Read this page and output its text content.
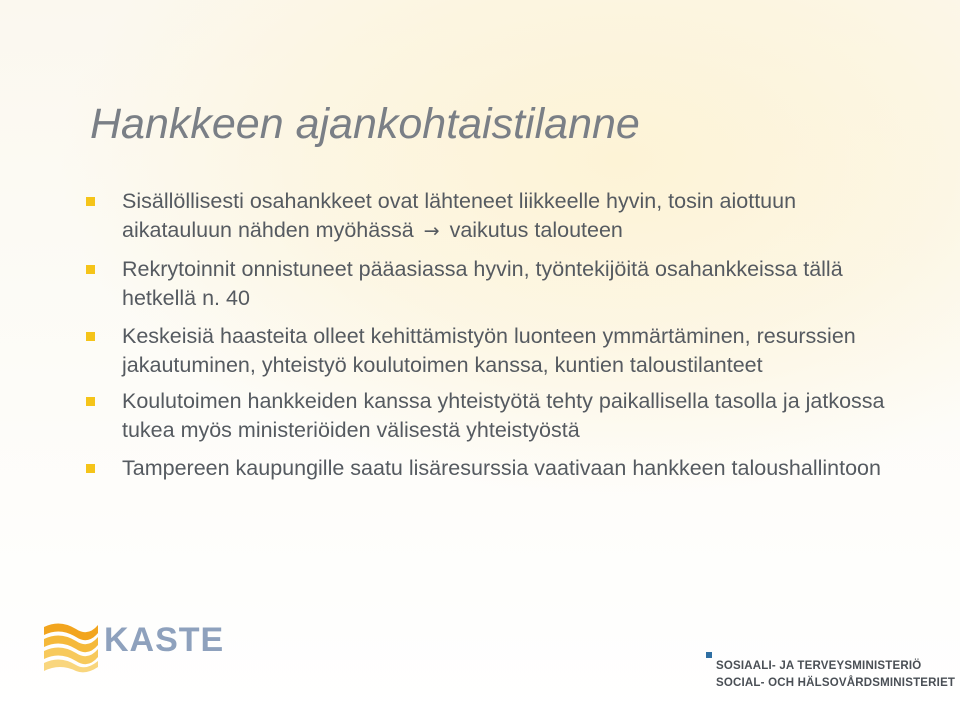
Hankkeen ajankohtaistilanne
Sisällöllisesti osahankkeet ovat lähteneet liikkeelle hyvin, tosin aiottuun aikatauluun nähden myöhässä → vaikutus talouteen
Rekrytoinnit onnistuneet pääasiassa hyvin, työntekijöitä osahankkeissa tällä hetkellä n. 40
Keskeisiä haasteita olleet kehittämistyön luonteen ymmärtäminen, resurssien jakautuminen, yhteistyö koulutoimen kanssa, kuntien taloustilanteet
Koulutoimen hankkeiden kanssa yhteistyötä tehty paikallisella tasolla ja jatkossa tukea myös ministeriöiden välisestä yhteistyöstä
Tampereen kaupungille saatu lisäresurssia vaativaan hankkeen taloushallintoon
KASTE
SOSIAALI- JA TERVEYSMINISTERIÖ
SOCIAL- OCH HÄLSOVÅRDSMINISTERIET
